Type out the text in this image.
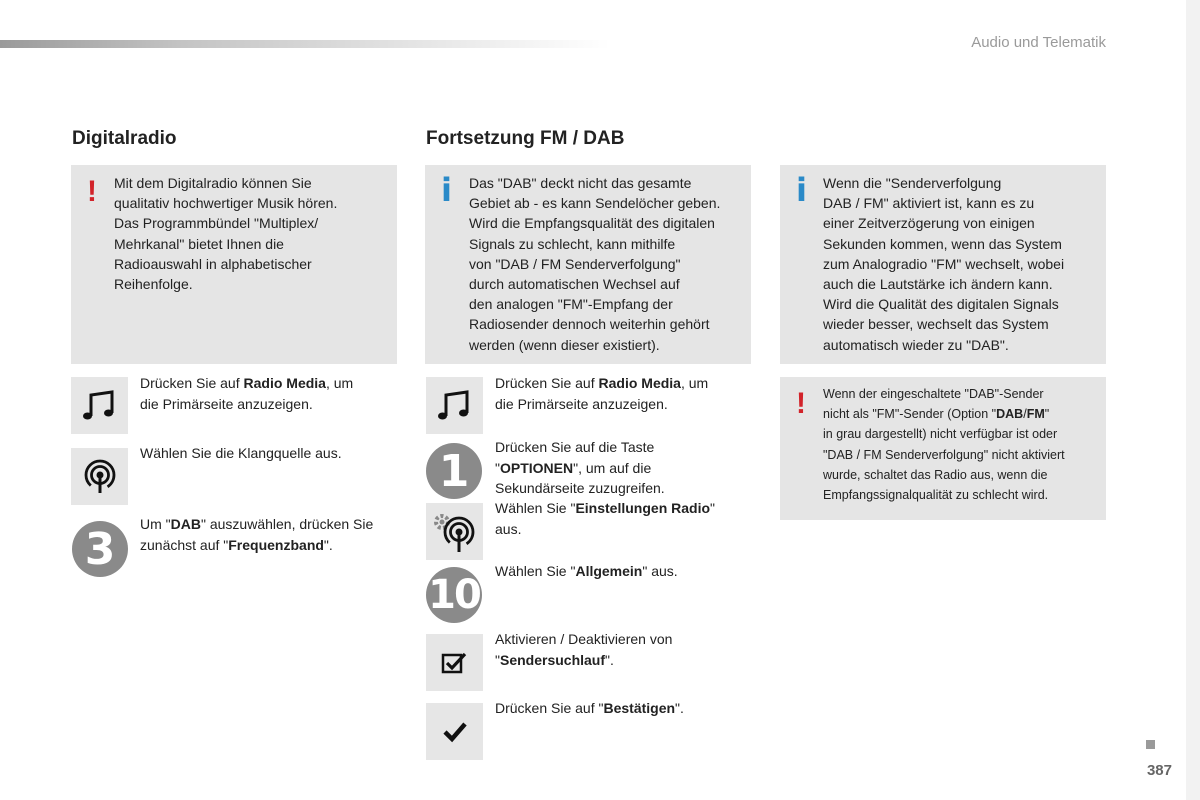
Audio und Telematik
Digitalradio
! Mit dem Digitalradio können Sie
qualitativ hochwertiger Musik hören.
Das Programmbündel "Multiplex/
Mehrkanal" bietet Ihnen die
Radioauswahl in alphabetischer
Reihenfolge.
Drücken Sie auf Radio Media, um
die Primärseite anzuzeigen.
Wählen Sie die Klangquelle aus.
3	Um "DAB" auszuwählen, drücken Sie
zunächst auf "Frequenzband".
Fortsetzung FM / DAB
i Das "DAB" deckt nicht das gesamte
Gebiet ab - es kann Sendelöcher geben.
Wird die Empfangsqualität des digitalen
Signals zu schlecht, kann mithilfe
von "DAB / FM Senderverfolgung"
durch automatischen Wechsel auf
den analogen "FM"-Empfang der
Radiosender dennoch weiterhin gehört
werden (wenn dieser existiert).
Drücken Sie auf Radio Media, um
die Primärseite anzuzeigen.
1	Drücken Sie auf die Taste
"OPTIONEN", um auf die
Sekundärseite zuzugreifen.
Wählen Sie "Einstellungen Radio"
aus.
10
Wählen Sie "Allgemein" aus.
Aktivieren / Deaktivieren von
"Sendersuchlauf".
Drücken Sie auf "Bestätigen".
i Wenn die "Senderverfolgung
DAB / FM" aktiviert ist, kann es zu
einer Zeitverzögerung von einigen
Sekunden kommen, wenn das System
zum Analogradio "FM" wechselt, wobei
auch die Lautstärke ich ändern kann.
Wird die Qualität des digitalen Signals
wieder besser, wechselt das System
automatisch wieder zu "DAB".
! Wenn der eingeschaltete "DAB"-Sender
nicht als "FM"-Sender (Option "DAB/FM"
in grau dargestellt) nicht verfügbar ist oder
"DAB / FM Senderverfolgung" nicht aktiviert
wurde, schaltet das Radio aus, wenn die
Empfangssignalqualität zu schlecht wird.
387
